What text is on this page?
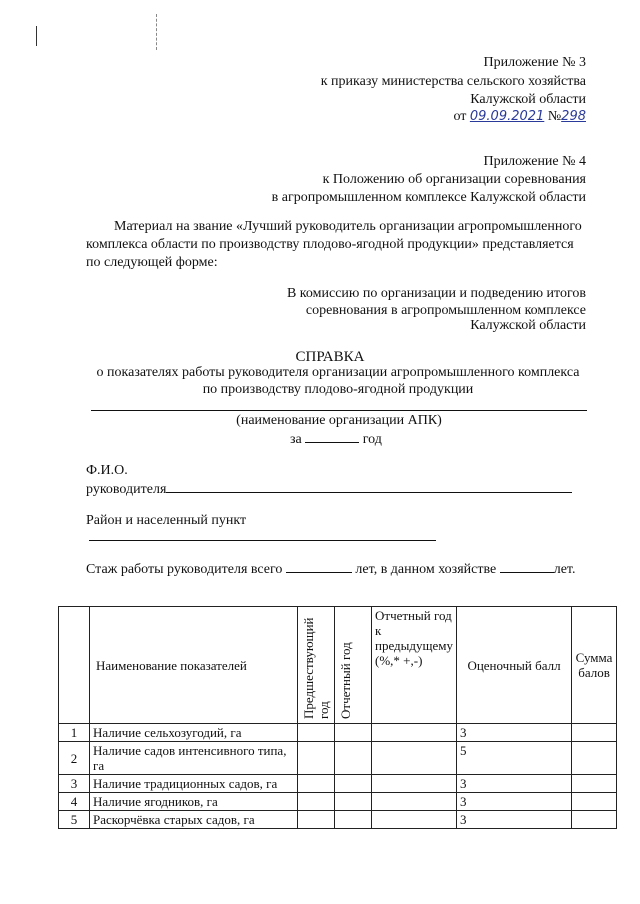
Приложение № 3
к приказу министерства сельского хозяйства
Калужской области
от 09.09.2021 №298
Приложение № 4
к Положению об организации соревнования
в агропромышленном комплексе Калужской области
Материал на звание «Лучший руководитель организации агропромышленного
комплекса области по производству плодово-ягодной продукции» представляется
по следующей форме:
В комиссию по организации и подведению итогов
соревнования в агропромышленном комплексе
Калужской области
СПРАВКА
о показателях работы руководителя организации агропромышленного комплекса
по производству плодово-ягодной продукции
(наименование организации АПК)
за	год
Ф.И.О.
руководителя
Район и населенный пункт
Стаж работы руководителя всего	лет, в данном хозяйстве	лет.
	Наименование показателей	Предшествующий год	Отчетный год	Отчетный год к предыдущему (%,* +,-)	Оценочный балл	Сумма балов
1	Наличие сельхозугодий, га				3	
2	Наличие садов интенсивного типа, га				5	
3	Наличие традиционных садов, га				3	
4	Наличие ягодников, га				3	
5	Раскорчёвка старых садов, га				3	
